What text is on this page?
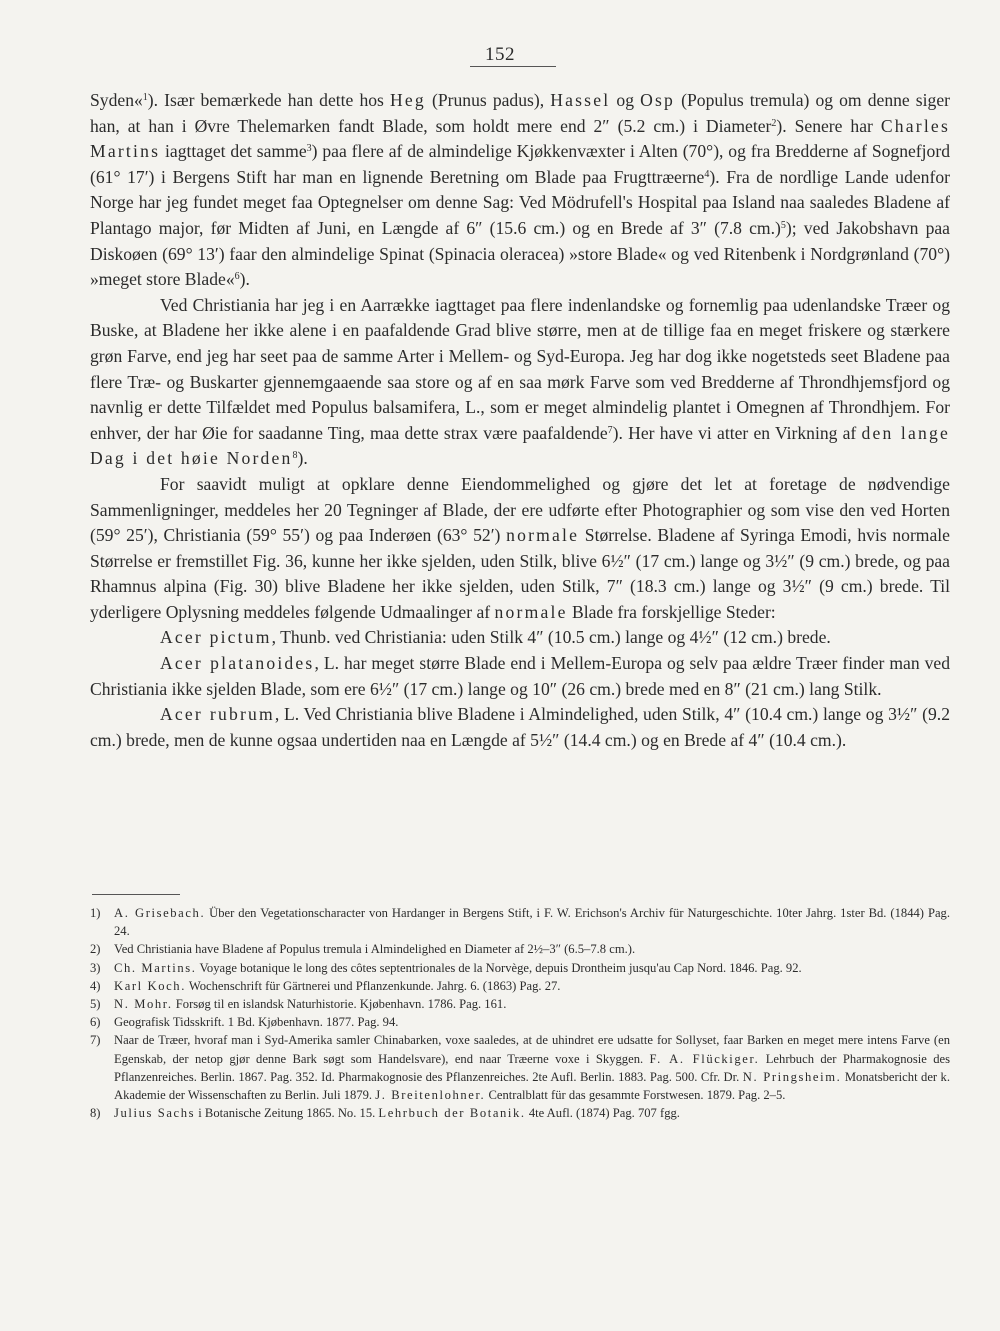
152

Syden«$^1$). Især bemærkede han dette hos Heg (Prunus padus), Hassel og Osp (Populus tremula) og om denne siger han, at han i Øvre Thelemarken fandt Blade, som holdt mere end 2″ (5.2 cm.) i Diameter$^2$). Senere har Charles Martins iagttaget det samme$^3$) paa flere af de almindelige Kjøkkenvæxter i Alten (70°), og fra Bredderne af Sognefjord (61° 17′) i Bergens Stift har man en lignende Beretning om Blade paa Frugttræerne$^4$). Fra de nordlige Lande udenfor Norge har jeg fundet meget faa Optegnelser om denne Sag: Ved Mödrufell's Hospital paa Island naa saaledes Bladene af Plantago major, før Midten af Juni, en Længde af 6″ (15.6 cm.) og en Brede af 3″ (7.8 cm.)$^5$); ved Jakobshavn paa Diskoøen (69° 13′) faar den almindelige Spinat (Spinacia oleracea) »store Blade« og ved Ritenbenk i Nordgrønland (70°) »meget store Blade«$^6$).

Ved Christiania har jeg i en Aarrække iagttaget paa flere indenlandske og fornemlig paa udenlandske Træer og Buske, at Bladene her ikke alene i en paafaldende Grad blive større, men at de tillige faa en meget friskere og stærkere grøn Farve, end jeg har seet paa de samme Arter i Mellem- og Syd-Europa. Jeg har dog ikke nogetsteds seet Bladene paa flere Træ- og Buskarter gjennemgaaende saa store og af en saa mørk Farve som ved Bredderne af Throndhjemsfjord og navnlig er dette Tilfældet med Populus balsamifera, L., som er meget almindelig plantet i Omegnen af Throndhjem. For enhver, der har Øie for saadanne Ting, maa dette strax være paafaldende$^7$). Her have vi atter en Virkning af den lange Dag i det høie Norden$^8$).

For saavidt muligt at opklare denne Eiendommelighed og gjøre det let at foretage de nødvendige Sammenligninger, meddeles her 20 Tegninger af Blade, der ere udførte efter Photographier og som vise den ved Horten (59° 25′), Christiania (59° 55′) og paa Inderøen (63° 52′) normale Størrelse. Bladene af Syringa Emodi, hvis normale Størrelse er fremstillet Fig. 36, kunne her ikke sjelden, uden Stilk, blive 6½″ (17 cm.) lange og 3½″ (9 cm.) brede, og paa Rhamnus alpina (Fig. 30) blive Bladene her ikke sjelden, uden Stilk, 7″ (18.3 cm.) lange og 3½″ (9 cm.) brede. Til yderligere Oplysning meddeles følgende Udmaalinger af normale Blade fra forskjellige Steder:

Acer pictum, Thunb. ved Christiania: uden Stilk 4″ (10.5 cm.) lange og 4½″ (12 cm.) brede.

Acer platanoides, L. har meget større Blade end i Mellem-Europa og selv paa ældre Træer finder man ved Christiania ikke sjelden Blade, som ere 6½″ (17 cm.) lange og 10″ (26 cm.) brede med en 8″ (21 cm.) lang Stilk.

Acer rubrum, L. Ved Christiania blive Bladene i Almindelighed, uden Stilk, 4″ (10.4 cm.) lange og 3½″ (9.2 cm.) brede, men de kunne ogsaa undertiden naa en Længde af 5½″ (14.4 cm.) og en Brede af 4″ (10.4 cm.).

1)	A. Grisebach. Über den Vegetationscharacter von Hardanger in Bergens Stift, i F. W. Erichson's Archiv für Naturgeschichte. 10ter Jahrg. 1ster Bd. (1844) Pag. 24.
2)	Ved Christiania have Bladene af Populus tremula i Almindelighed en Diameter af 2½–3″ (6.5–7.8 cm.).
3)	Ch. Martins. Voyage botanique le long des côtes septentrionales de la Norvège, depuis Drontheim jusqu'au Cap Nord. 1846. Pag. 92.
4)	Karl Koch. Wochenschrift für Gärtnerei und Pflanzenkunde. Jahrg. 6. (1863) Pag. 27.
5)	N. Mohr. Forsøg til en islandsk Naturhistorie. Kjøbenhavn. 1786. Pag. 161.
6)	Geografisk Tidsskrift. 1 Bd. Kjøbenhavn. 1877. Pag. 94.
7)	Naar de Træer, hvoraf man i Syd-Amerika samler Chinabarken, voxe saaledes, at de uhindret ere udsatte for Sollyset, faar Barken en meget mere intens Farve (en Egenskab, der netop gjør denne Bark søgt som Handelsvare), end naar Træerne voxe i Skyggen. F. A. Flückiger. Lehrbuch der Pharmakognosie des Pflanzenreiches. Berlin. 1867. Pag. 352. Id. Pharmakognosie des Pflanzenreiches. 2te Aufl. Berlin. 1883. Pag. 500. Cfr. Dr. N. Pringsheim. Monatsbericht der k. Akademie der Wissenschaften zu Berlin. Juli 1879. J. Breitenlohner. Centralblatt für das gesammte Forstwesen. 1879. Pag. 2–5.
8)	Julius Sachs i Botanische Zeitung 1865. No. 15. Lehrbuch der Botanik. 4te Aufl. (1874) Pag. 707 fgg.
